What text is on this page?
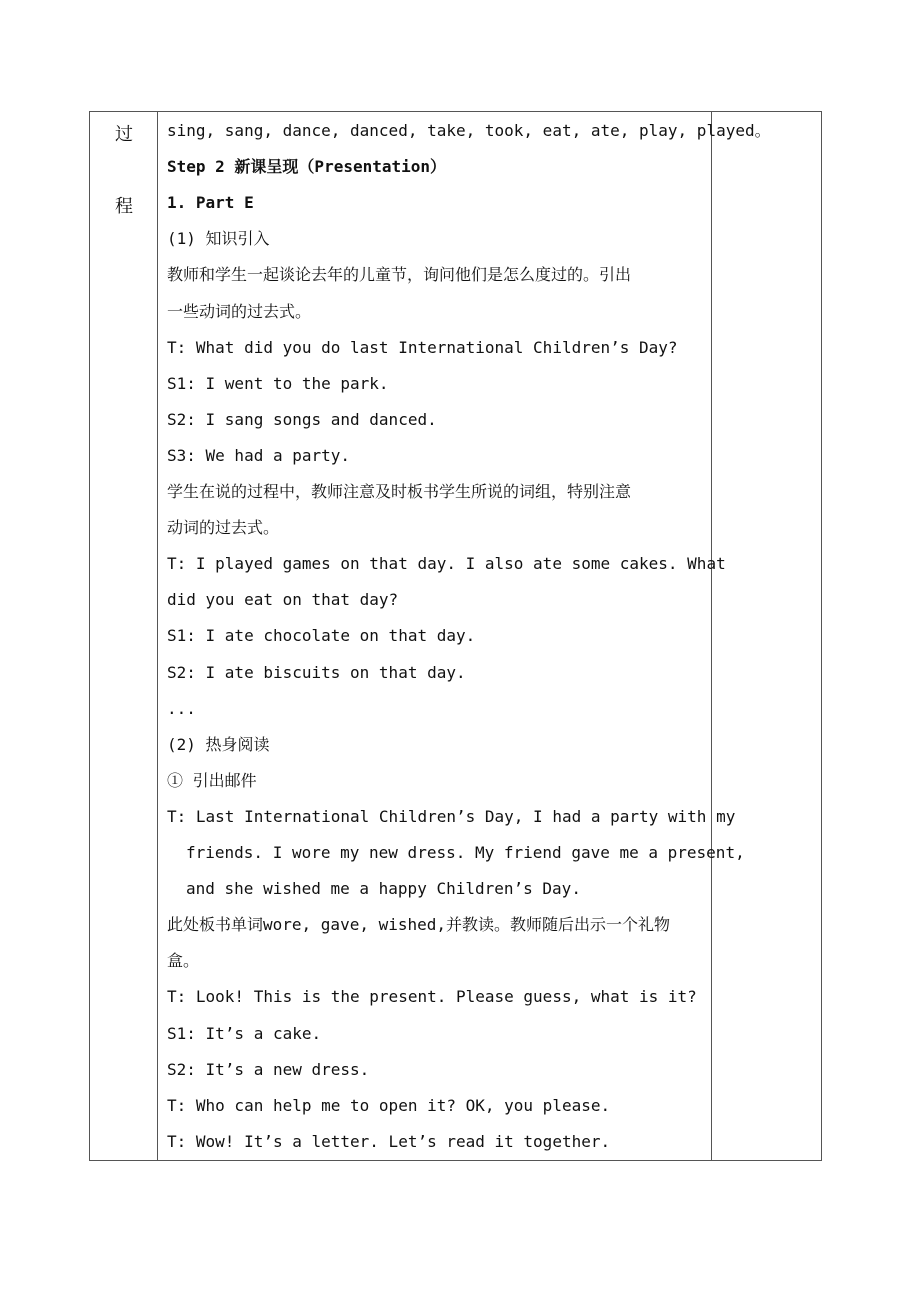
过
程
sing, sang, dance, danced, take, took, eat, ate, play, played。
Step 2 新课呈现（Presentation）
1. Part E
(1) 知识引入
教师和学生一起谈论去年的儿童节，询问他们是怎么度过的。引出
一些动词的过去式。
T: What did you do last International Children’s Day?
S1: I went to the park.
S2: I sang songs and danced.
S3: We had a party.
学生在说的过程中，教师注意及时板书学生所说的词组，特别注意
动词的过去式。
T: I played games on that day. I also ate some cakes. What
did you eat on that day?
S1: I ate chocolate on that day.
S2: I ate biscuits on that day.
...
(2) 热身阅读
① 引出邮件
T: Last International Children’s Day, I had a party with my
friends. I wore my new dress. My friend gave me a present,
and she wished me a happy Children’s Day.
此处板书单词wore, gave, wished,并教读。教师随后出示一个礼物
盒。
T: Look! This is the present. Please guess, what is it?
S1: It’s a cake.
S2: It’s a new dress.
T: Who can help me to open it? OK, you please.
T: Wow! It’s a letter. Let’s read it together.
